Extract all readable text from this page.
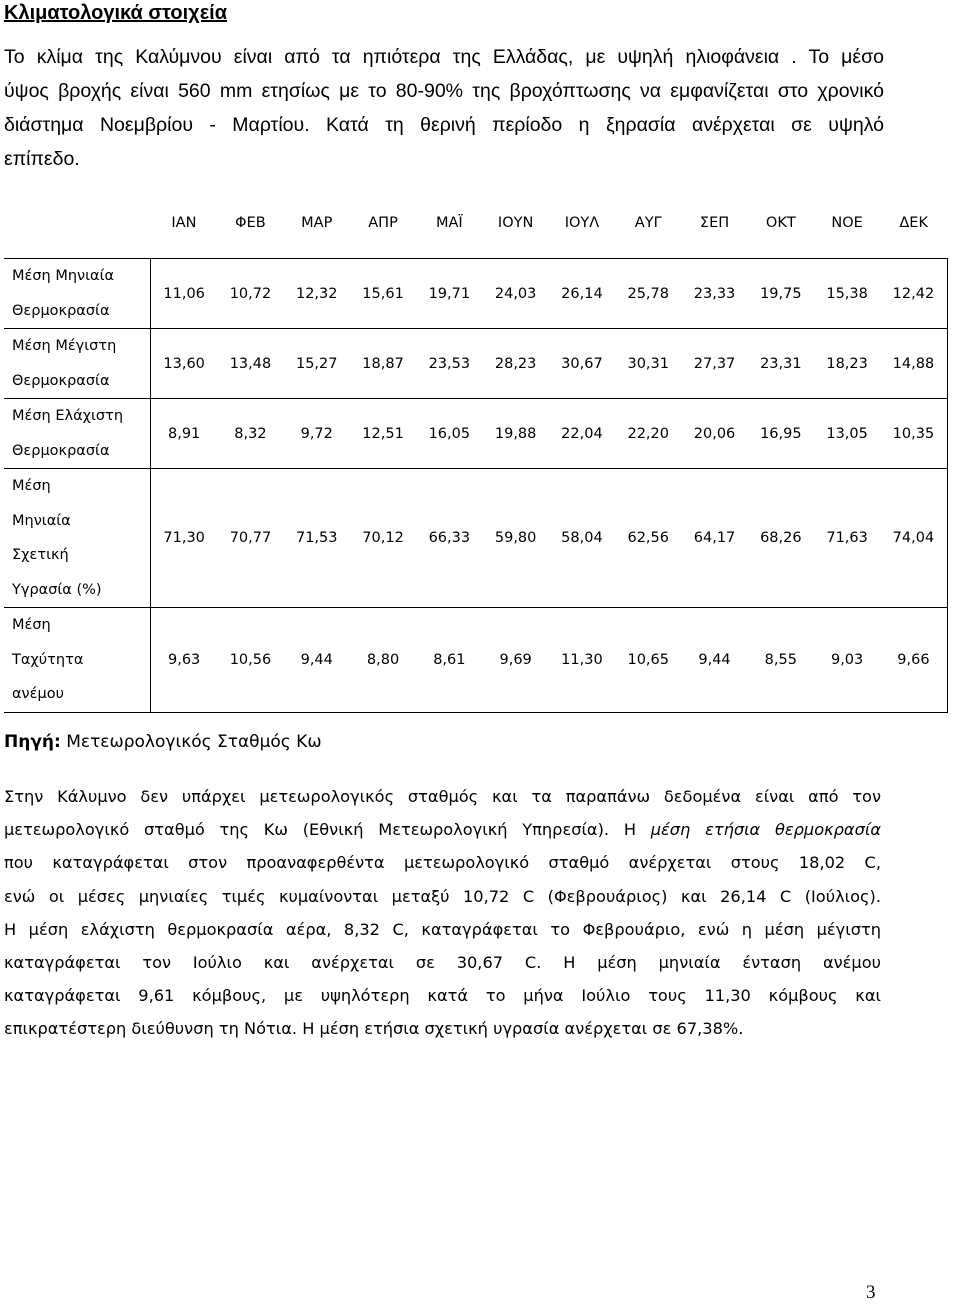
Κλιματολογικά στοιχεία
Το κλίμα της Καλύμνου είναι από τα ηπιότερα της Ελλάδας, με υψηλή ηλιοφάνεια . Το μέσο
ύψος βροχής είναι 560 mm ετησίως με το 80-90% της βροχόπτωσης να εμφανίζεται στο χρονικό
διάστημα Νοεμβρίου - Μαρτίου. Κατά τη θερινή περίοδο η ξηρασία ανέρχεται σε υψηλό
επίπεδο.
	ΙΑΝ	ΦΕΒ	ΜΑΡ	ΑΠΡ	ΜΑΪ	ΙΟΥΝ	ΙΟΥΛ	ΑΥΓ	ΣΕΠ	ΟΚΤ	ΝΟΕ	ΔΕΚ

Μέση Μηνιαία
Θερμοκρασία	11,06	10,72	12,32	15,61	19,71	24,03	26,14	25,78	23,33	19,75	15,38	12,42

Μέση Μέγιστη
Θερμοκρασία	13,60	13,48	15,27	18,87	23,53	28,23	30,67	30,31	27,37	23,31	18,23	14,88

Μέση Ελάχιστη
Θερμοκρασία	8,91	8,32	9,72	12,51	16,05	19,88	22,04	22,20	20,06	16,95	13,05	10,35

Μέση
Μηνιαία
Σχετική
Υγρασία (%)	71,30	70,77	71,53	70,12	66,33	59,80	58,04	62,56	64,17	68,26	71,63	74,04

Μέση
Ταχύτητα
ανέμου	9,63	10,56	9,44	8,80	8,61	9,69	11,30	10,65	9,44	8,55	9,03	9,66
Πηγή: Μετεωρολογικός Σταθμός Κω
Στην Κάλυμνο δεν υπάρχει μετεωρολογικός σταθμός και τα παραπάνω δεδομένα είναι από τον
μετεωρολογικό σταθμό της Κω (Εθνική Μετεωρολογική Υπηρεσία). Η μέση ετήσια θερμοκρασία
που καταγράφεται στον προαναφερθέντα μετεωρολογικό σταθμό ανέρχεται στους 18,02 C,
ενώ οι μέσες μηνιαίες τιμές κυμαίνονται μεταξύ 10,72 C (Φεβρουάριος) και 26,14 C (Ιούλιος).
Η μέση ελάχιστη θερμοκρασία αέρα, 8,32 C, καταγράφεται το Φεβρουάριο, ενώ η μέση μέγιστη
καταγράφεται τον Ιούλιο και ανέρχεται σε 30,67 C. Η μέση μηνιαία ένταση ανέμου
καταγράφεται 9,61 κόμβους, με υψηλότερη κατά το μήνα Ιούλιο τους 11,30 κόμβους και
επικρατέστερη διεύθυνση τη Νότια. Η μέση ετήσια σχετική υγρασία ανέρχεται σε 67,38%.
3
